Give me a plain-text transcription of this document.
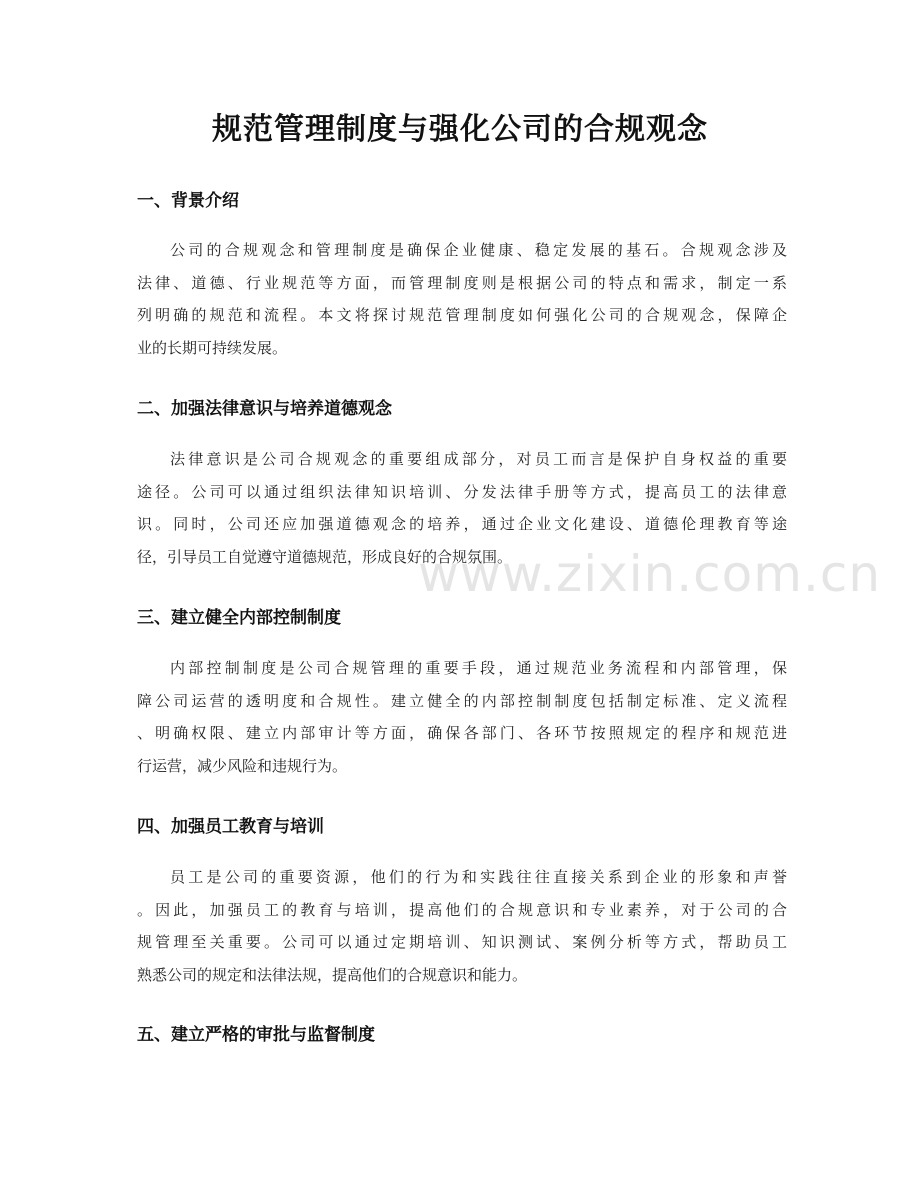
规范管理制度与强化公司的合规观念
一、背景介绍
公司的合规观念和管理制度是确保企业健康、稳定发展的基石。合规观念涉及
法律、道德、行业规范等方面，而管理制度则是根据公司的特点和需求，制定一系
列明确的规范和流程。本文将探讨规范管理制度如何强化公司的合规观念，保障企
业的长期可持续发展。
二、加强法律意识与培养道德观念
法律意识是公司合规观念的重要组成部分，对员工而言是保护自身权益的重要
途径。公司可以通过组织法律知识培训、分发法律手册等方式，提高员工的法律意
识。同时，公司还应加强道德观念的培养，通过企业文化建设、道德伦理教育等途
径，引导员工自觉遵守道德规范，形成良好的合规氛围。
三、建立健全内部控制制度
内部控制制度是公司合规管理的重要手段，通过规范业务流程和内部管理，保
障公司运营的透明度和合规性。建立健全的内部控制制度包括制定标准、定义流程
、明确权限、建立内部审计等方面，确保各部门、各环节按照规定的程序和规范进
行运营，减少风险和违规行为。
四、加强员工教育与培训
员工是公司的重要资源，他们的行为和实践往往直接关系到企业的形象和声誉
。因此，加强员工的教育与培训，提高他们的合规意识和专业素养，对于公司的合
规管理至关重要。公司可以通过定期培训、知识测试、案例分析等方式，帮助员工
熟悉公司的规定和法律法规，提高他们的合规意识和能力。
五、建立严格的审批与监督制度
www.zixin.com.cn
